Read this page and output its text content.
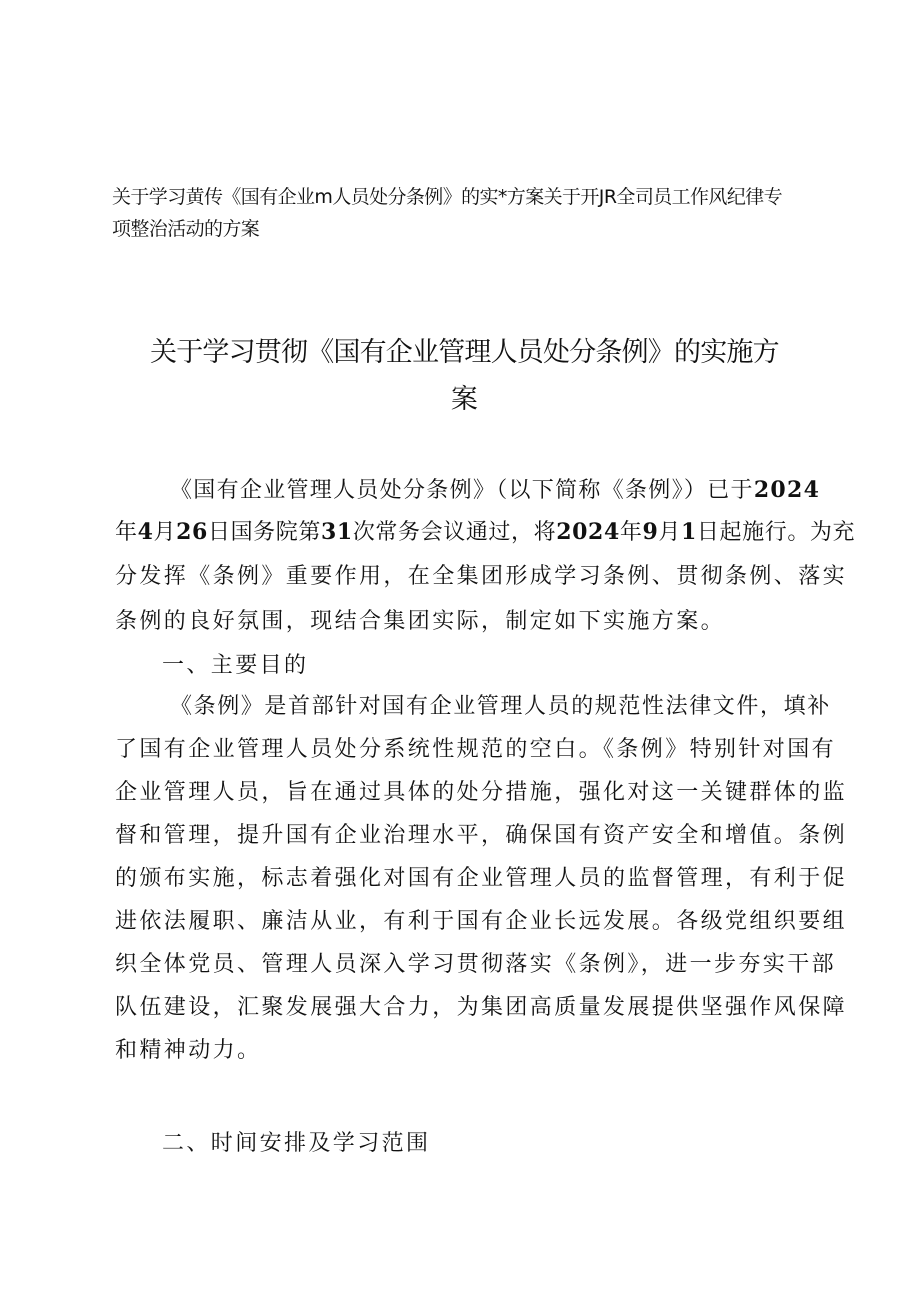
关于学习黄传《国有企业m人员处分条例》的实*方案关于开JR全司员工作风纪律专
项整治活动的方案
关于学习贯彻《国有企业管理人员处分条例》的实施方
案
《国有企业管理人员处分条例》（以下简称《条例》）已于2024
年4月26日国务院第31次常务会议通过，将2024年9月1日起施行。为充
分发挥《条例》重要作用，在全集团形成学习条例、贯彻条例、落实
条例的良好氛围，现结合集团实际，制定如下实施方案。
一、主要目的
《条例》是首部针对国有企业管理人员的规范性法律文件，填补
了国有企业管理人员处分系统性规范的空白。《条例》特别针对国有
企业管理人员，旨在通过具体的处分措施，强化对这一关键群体的监
督和管理，提升国有企业治理水平，确保国有资产安全和增值。条例
的颁布实施，标志着强化对国有企业管理人员的监督管理，有利于促
进依法履职、廉洁从业，有利于国有企业长远发展。各级党组织要组
织全体党员、管理人员深入学习贯彻落实《条例》，进一步夯实干部
队伍建设，汇聚发展强大合力，为集团高质量发展提供坚强作风保障
和精神动力。
二、时间安排及学习范围
